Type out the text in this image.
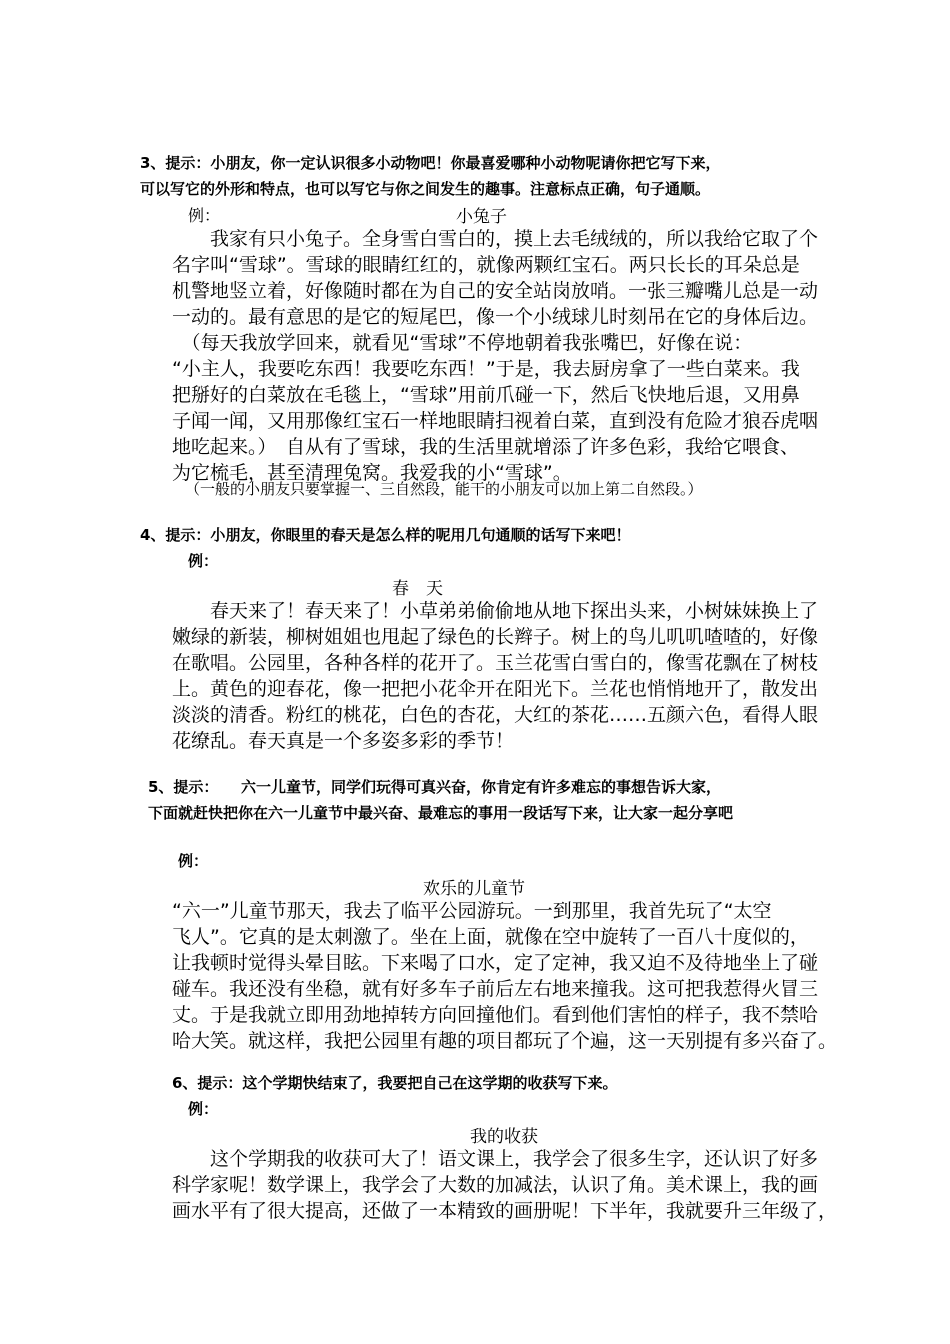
3、提示：小朋友，你一定认识很多小动物吧！你最喜爱哪种小动物呢请你把它写下来，
可以写它的外形和特点，也可以写它与你之间发生的趣事。注意标点正确，句子通顺。
例：	小兔子
　　我家有只小兔子。全身雪白雪白的，摸上去毛绒绒的，所以我给它取了个
名字叫“雪球”。雪球的眼睛红红的，就像两颗红宝石。两只长长的耳朵总是
机警地竖立着，好像随时都在为自己的安全站岗放哨。一张三瓣嘴儿总是一动
一动的。最有意思的是它的短尾巴，像一个小绒球儿时刻吊在它的身体后边。
　（每天我放学回来，就看见“雪球”不停地朝着我张嘴巴，好像在说：
“小主人，我要吃东西！我要吃东西！”于是，我去厨房拿了一些白菜来。我
把掰好的白菜放在毛毯上，“雪球”用前爪碰一下，然后飞快地后退，又用鼻
子闻一闻，又用那像红宝石一样地眼睛扫视着白菜，直到没有危险才狼吞虎咽
地吃起来。）　自从有了雪球，我的生活里就增添了许多色彩，我给它喂食、
为它梳毛，甚至清理兔窝。我爱我的小“雪球”。
（一般的小朋友只要掌握一、三自然段，能干的小朋友可以加上第二自然段。）
4、提示：小朋友，你眼里的春天是怎么样的呢用几句通顺的话写下来吧！
例：
春　天
　　春天来了！春天来了！小草弟弟偷偷地从地下探出头来，小树妹妹换上了
嫩绿的新装，柳树姐姐也甩起了绿色的长辫子。树上的鸟儿叽叽喳喳的，好像
在歌唱。公园里，各种各样的花开了。玉兰花雪白雪白的，像雪花飘在了树枝
上。黄色的迎春花，像一把把小花伞开在阳光下。兰花也悄悄地开了，散发出
淡淡的清香。粉红的桃花，白色的杏花，大红的茶花……五颜六色，看得人眼
花缭乱。春天真是一个多姿多彩的季节！
5、提示：　　六一儿童节，同学们玩得可真兴奋，你肯定有许多难忘的事想告诉大家，
下面就赶快把你在六一儿童节中最兴奋、最难忘的事用一段话写下来，让大家一起分享吧
例：
欢乐的儿童节
“六一”儿童节那天，我去了临平公园游玩。一到那里，我首先玩了“太空
飞人”。它真的是太刺激了。坐在上面，就像在空中旋转了一百八十度似的，
让我顿时觉得头晕目眩。下来喝了口水，定了定神，我又迫不及待地坐上了碰
碰车。我还没有坐稳，就有好多车子前后左右地来撞我。这可把我惹得火冒三
丈。于是我就立即用劲地掉转方向回撞他们。看到他们害怕的样子，我不禁哈
哈大笑。就这样，我把公园里有趣的项目都玩了个遍，这一天别提有多兴奋了。
6、提示：这个学期快结束了，我要把自己在这学期的收获写下来。
例：
我的收获
　　这个学期我的收获可大了！语文课上，我学会了很多生字，还认识了好多
科学家呢！数学课上，我学会了大数的加减法，认识了角。美术课上，我的画
画水平有了很大提高，还做了一本精致的画册呢！下半年，我就要升三年级了，
